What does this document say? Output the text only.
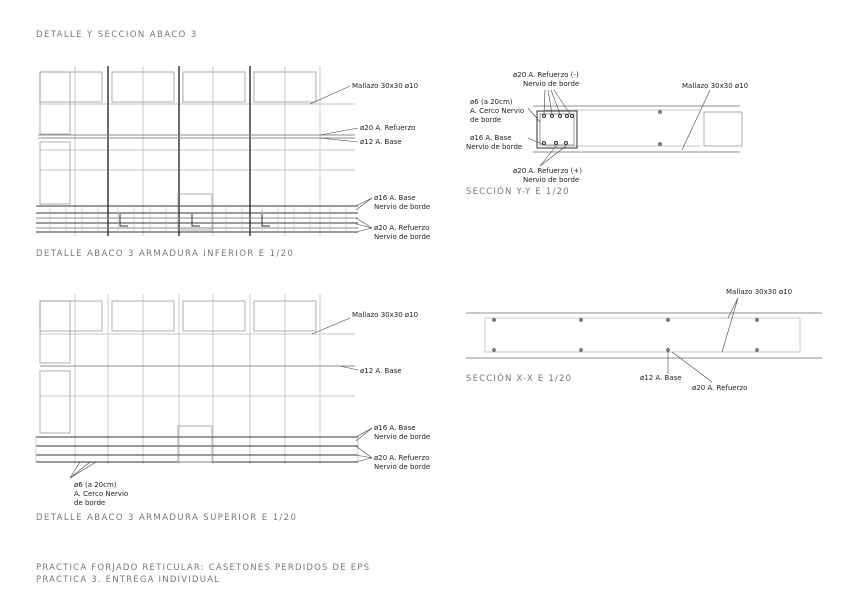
DETALLE Y SECCION ABACO 3
Mallazo 30x30 ø10
ø20 A. Refuerzo
ø12 A. Base
ø16 A. Base
Nervio de borde
ø20 A. Refuerzo
Nervio de borde
DETALLE ABACO 3 ARMADURA INFERIOR E 1/20
ø20 A. Refuerzo (-)
Nervio de borde	Mallazo 30x30 ø10
ø6 (a 20cm)
A. Cerco Nervio
de borde
ø16 A. Base
Nervio de borde
ø20 A. Refuerzo (+)
Nervio de borde
SECCIÓN Y-Y E 1/20
Mallazo 30x30 ø10
ø12 A. Base
ø16 A. Base
Nervio de borde
ø20 A. Refuerzo
Nervio de borde
ø6 (a 20cm)
A. Cerco Nervio
de borde
DETALLE ABACO 3 ARMADURA SUPERIOR E 1/20
Mallazo 30x30 ø10
ø12 A. Base
ø20 A. Refuerzo
SECCIÓN X-X E 1/20
PRACTICA FORJADO RETICULAR: CASETONES PERDIDOS DE EPS
PRACTICA 3. ENTREGA INDIVIDUAL
